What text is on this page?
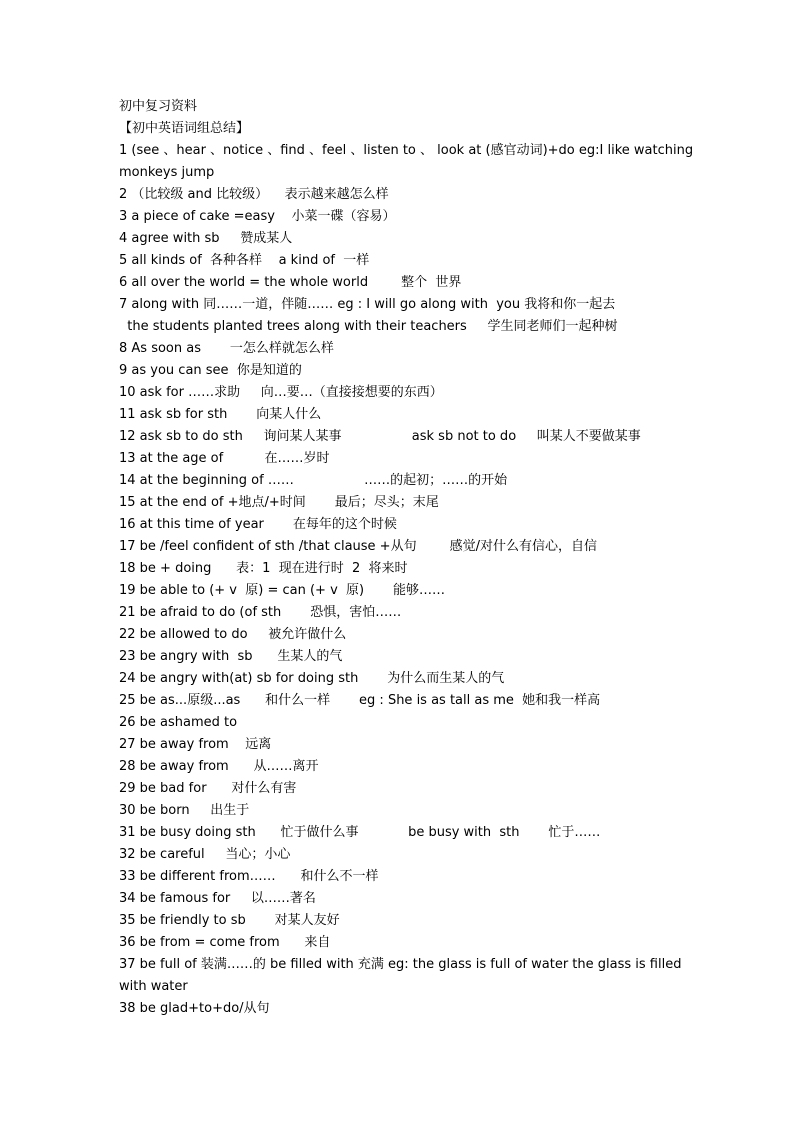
初中复习资料
【初中英语词组总结】
1 (see 、hear 、notice 、find 、feel 、listen to 、 look at (感官动词)+do eg:I like watching monkeys jump
2 （比较级 and 比较级）    表示越来越怎么样
3 a piece of cake =easy    小菜一碟（容易）
4 agree with sb     赞成某人
5 all kinds of  各种各样    a kind of  一样
6 all over the world = the whole world        整个  世界
7 along with 同……一道，伴随…… eg : I will go along with  you 我将和你一起去
the students planted trees along with their teachers     学生同老师们一起种树
8 As soon as       一怎么样就怎么样
9 as you can see  你是知道的
10 ask for ……求助     向…要…（直接接想要的东西）
11 ask sb for sth       向某人什么
12 ask sb to do sth     询问某人某事                 ask sb not to do     叫某人不要做某事
13 at the age of          在……岁时
14 at the beginning of ……                 ……的起初；……的开始
15 at the end of +地点/+时间       最后；尽头；末尾
16 at this time of year       在每年的这个时候
17 be /feel confident of sth /that clause +从句        感觉/对什么有信心，自信
18 be + doing      表：1  现在进行时  2  将来时
19 be able to (+ v  原) = can (+ v  原)       能够……
21 be afraid to do (of sth       恐惧，害怕……
22 be allowed to do     被允许做什么
23 be angry with  sb      生某人的气
24 be angry with(at) sb for doing sth       为什么而生某人的气
25 be as...原级...as      和什么一样       eg : She is as tall as me  她和我一样高
26 be ashamed to
27 be away from    远离
28 be away from      从……离开
29 be bad for      对什么有害
30 be born     出生于
31 be busy doing sth      忙于做什么事            be busy with  sth       忙于……
32 be careful     当心；小心
33 be different from……      和什么不一样
34 be famous for     以……著名
35 be friendly to sb       对某人友好
36 be from = come from      来自
37 be full of 装满……的 be filled with 充满 eg: the glass is full of water the glass is filled with water
38 be glad+to+do/从句
